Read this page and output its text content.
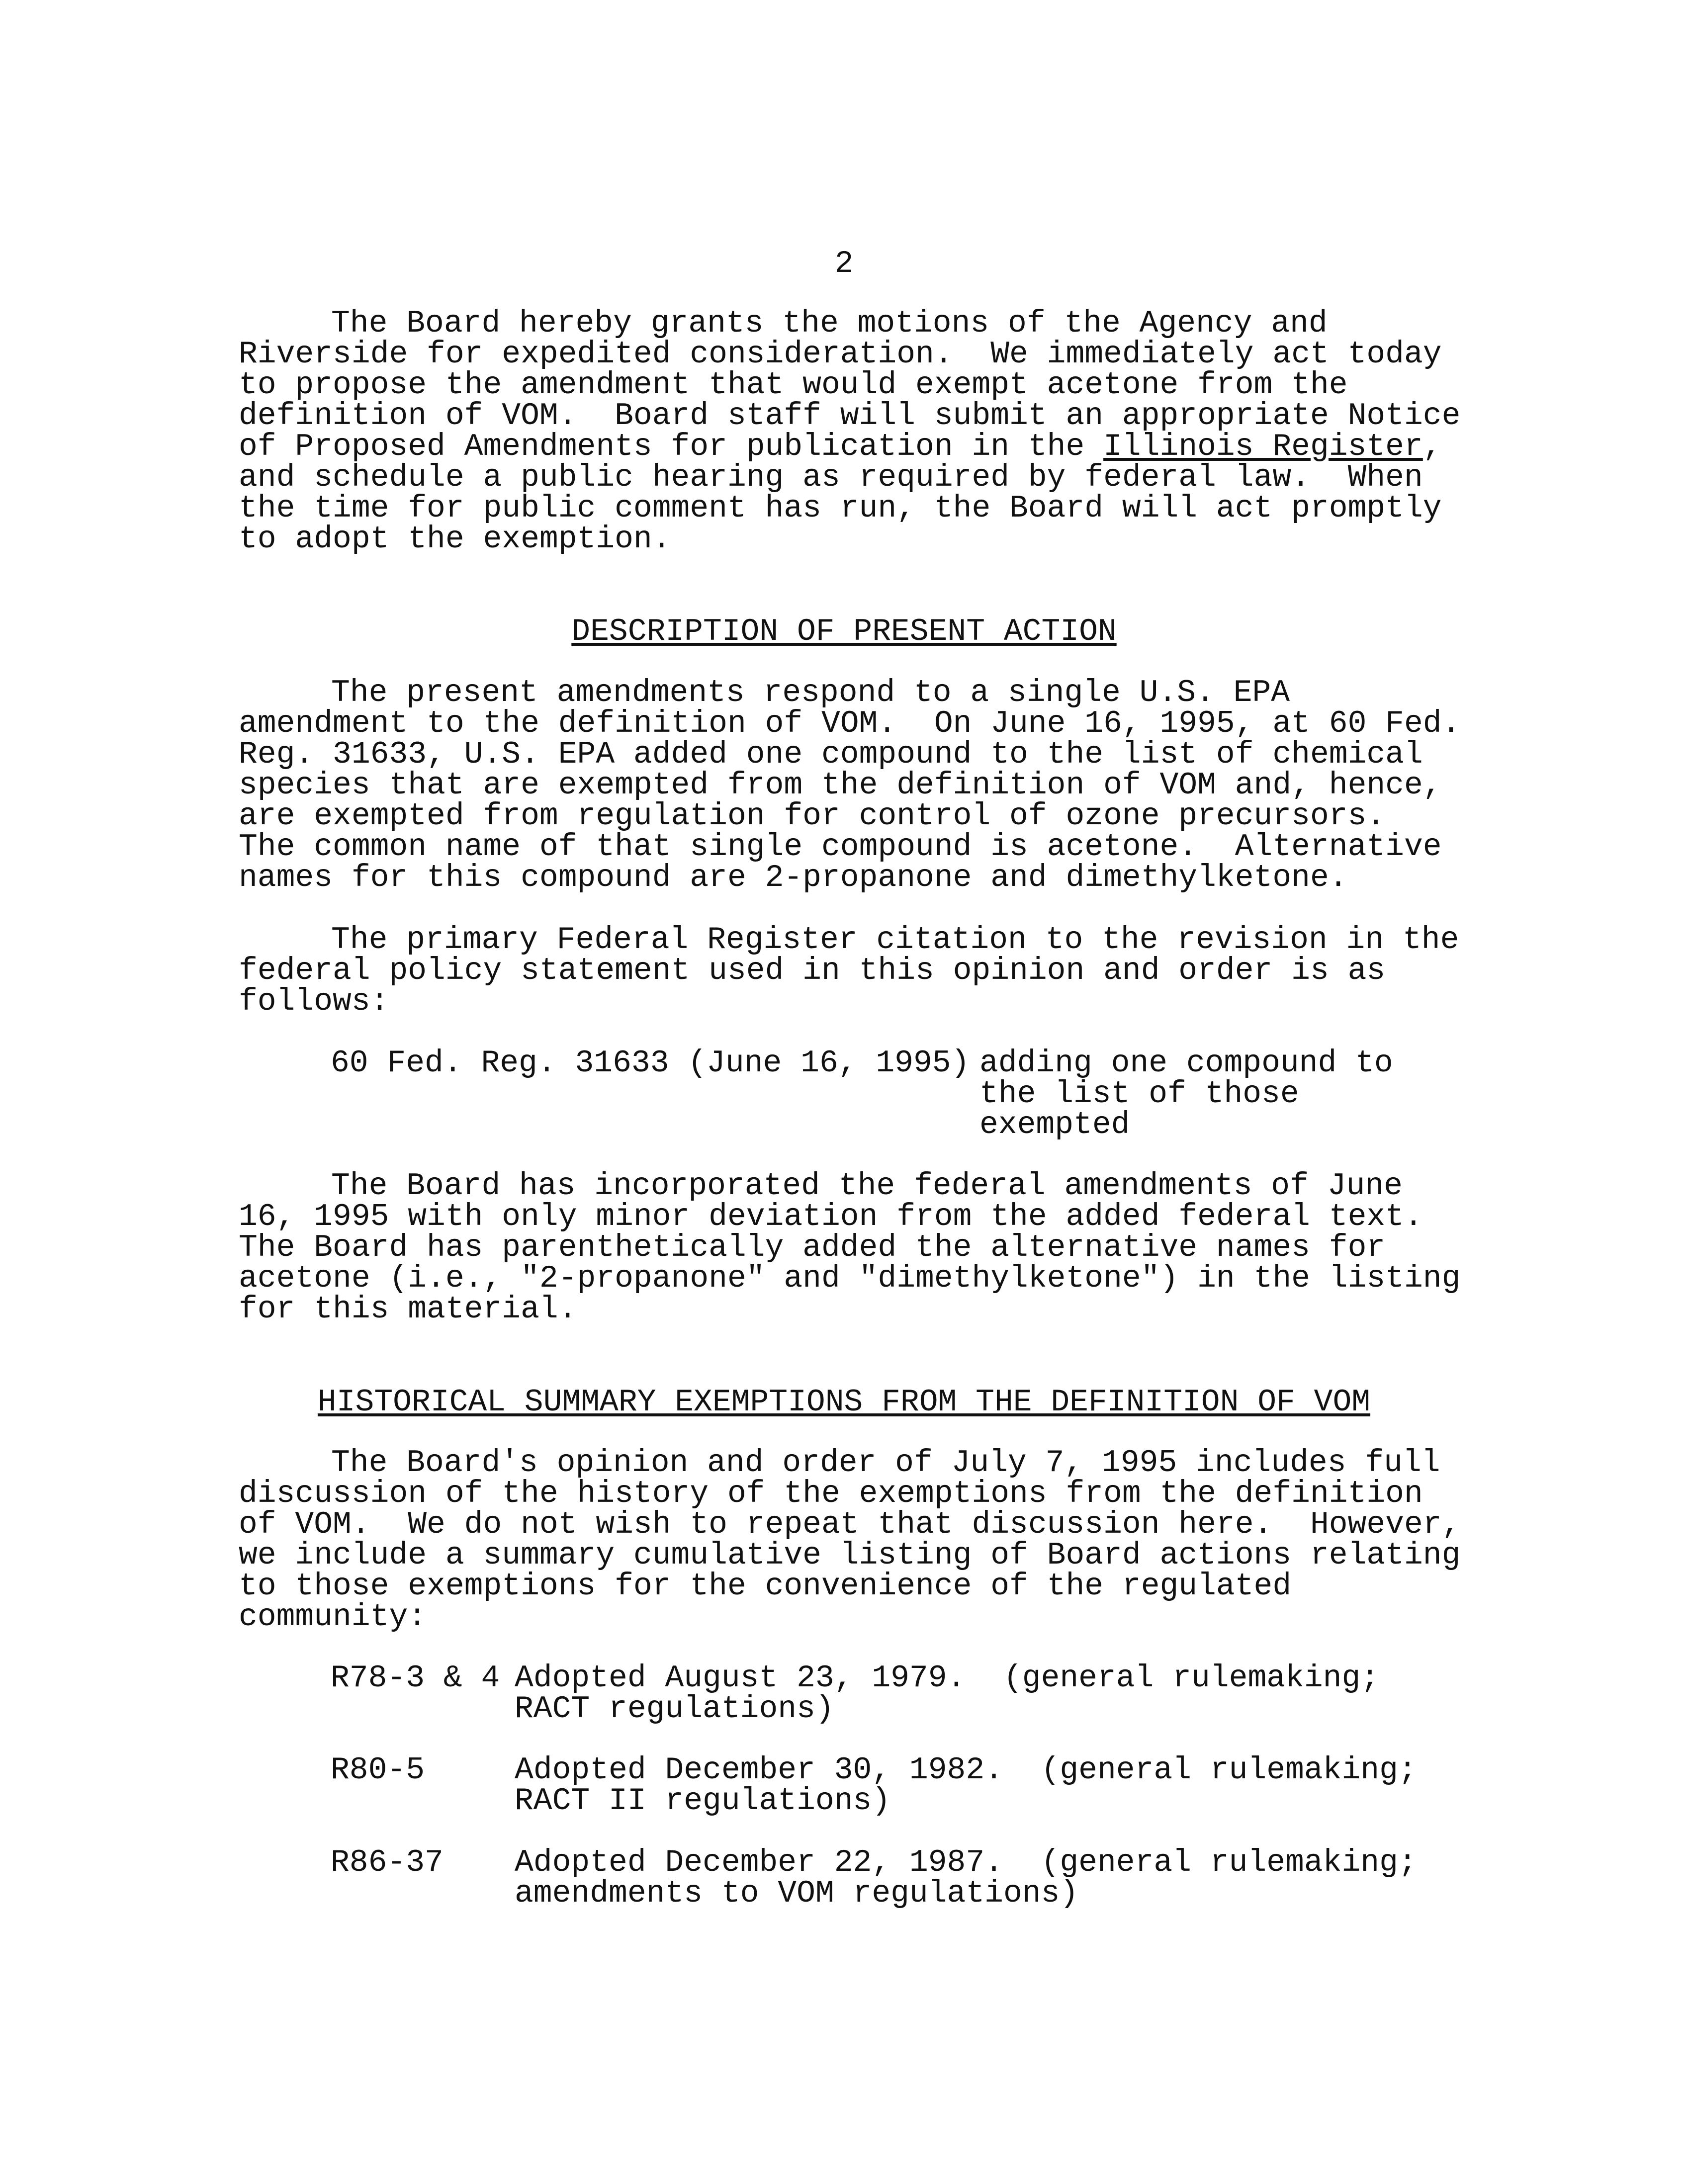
2
The Board hereby grants the motions of the Agency and
Riverside for expedited consideration.  We immediately act today
to propose the amendment that would exempt acetone from the
definition of VOM.  Board staff will submit an appropriate Notice
of Proposed Amendments for publication in the Illinois Register,
and schedule a public hearing as required by federal law.  When
the time for public comment has run, the Board will act promptly
to adopt the exemption.
DESCRIPTION OF PRESENT ACTION
The present amendments respond to a single U.S. EPA
amendment to the definition of VOM.  On June 16, 1995, at 60 Fed.
Reg. 31633, U.S. EPA added one compound to the list of chemical
species that are exempted from the definition of VOM and, hence,
are exempted from regulation for control of ozone precursors.
The common name of that single compound is acetone.  Alternative
names for this compound are 2-propanone and dimethylketone.
The primary Federal Register citation to the revision in the
federal policy statement used in this opinion and order is as
follows:
60 Fed. Reg. 31633 (June 16, 1995) adding one compound to
the list of those
exempted
The Board has incorporated the federal amendments of June
16, 1995 with only minor deviation from the added federal text.
The Board has parenthetically added the alternative names for
acetone (i.e., "2-propanone" and "dimethylketone") in the listing
for this material.
HISTORICAL SUMMARY EXEMPTIONS FROM THE DEFINITION OF VOM
The Board's opinion and order of July 7, 1995 includes full
discussion of the history of the exemptions from the definition
of VOM.  We do not wish to repeat that discussion here.  However,
we include a summary cumulative listing of Board actions relating
to those exemptions for the convenience of the regulated
community:
R78-3 & 4 Adopted August 23, 1979.  (general rulemaking;
RACT regulations)
R80-5	Adopted December 30, 1982.  (general rulemaking;
RACT II regulations)
R86-37 Adopted December 22, 1987.  (general rulemaking;
amendments to VOM regulations)
